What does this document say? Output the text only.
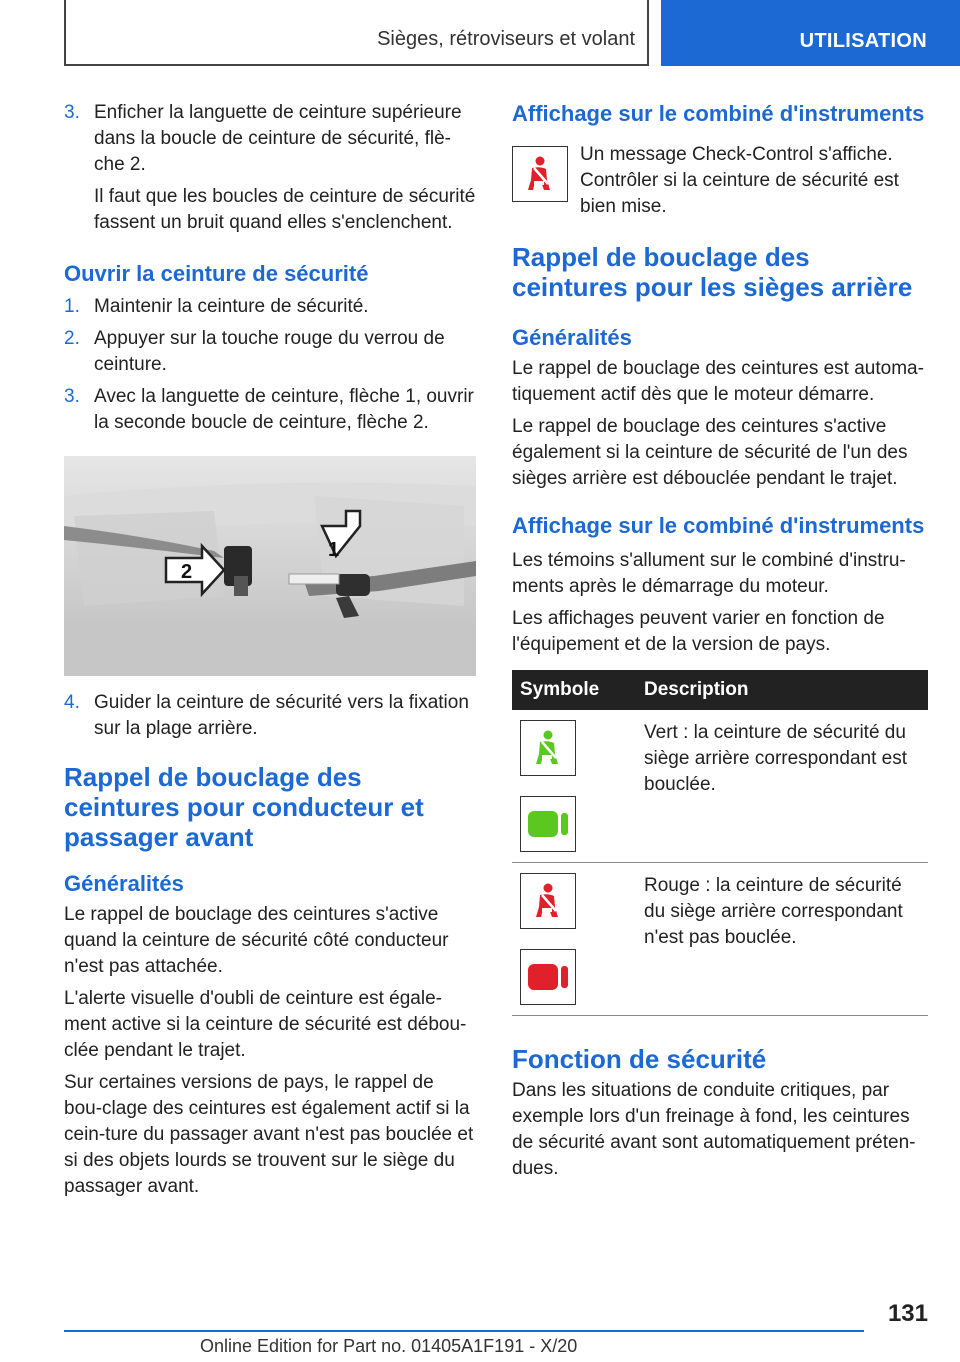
Sièges, rétroviseurs et volant	UTILISATION
3. Enficher la languette de ceinture supérieure dans la boucle de ceinture de sécurité, flè-che 2.

Il faut que les boucles de ceinture de sécurité fassent un bruit quand elles s'enclenchent.

Ouvrir la ceinture de sécurité
1. Maintenir la ceinture de sécurité.
2. Appuyer sur la touche rouge du verrou de ceinture.
3. Avec la languette de ceinture, flèche 1, ouvrir la seconde boucle de ceinture, flèche 2.
2
1
4. Guider la ceinture de sécurité vers la fixation sur la plage arrière.
Rappel de bouclage des ceintures pour conducteur et passager avant
Généralités

Le rappel de bouclage des ceintures s'active quand la ceinture de sécurité côté conducteur n'est pas attachée.

L'alerte visuelle d'oubli de ceinture est égale-ment active si la ceinture de sécurité est débou-clée pendant le trajet.

Sur certaines versions de pays, le rappel de bou-clage des ceintures est également actif si la cein-ture du passager avant n'est pas bouclée et si des objets lourds se trouvent sur le siège du passager avant.

Affichage sur le combiné d'instruments
Un message Check-Control s'affiche. Contrôler si la ceinture de sécurité est bien mise.
Rappel de bouclage des ceintures pour les sièges arrière
Généralités

Le rappel de bouclage des ceintures est automa-tiquement actif dès que le moteur démarre.

Le rappel de bouclage des ceintures s'active également si la ceinture de sécurité de l'un des sièges arrière est débouclée pendant le trajet.

Affichage sur le combiné d'instruments

Les témoins s'allument sur le combiné d'instru-ments après le démarrage du moteur.

Les affichages peuvent varier en fonction de l'équipement et de la version de pays.

Symbole	Description

	Vert : la ceinture de sécurité du siège arrière correspondant est bouclée.

	Rouge : la ceinture de sécurité du siège arrière correspondant n'est pas bouclée.
Fonction de sécurité

Dans les situations de conduite critiques, par exemple lors d'un freinage à fond, les ceintures de sécurité avant sont automatiquement préten-dues.

131
Online Edition for Part no. 01405A1F191 - X/20
